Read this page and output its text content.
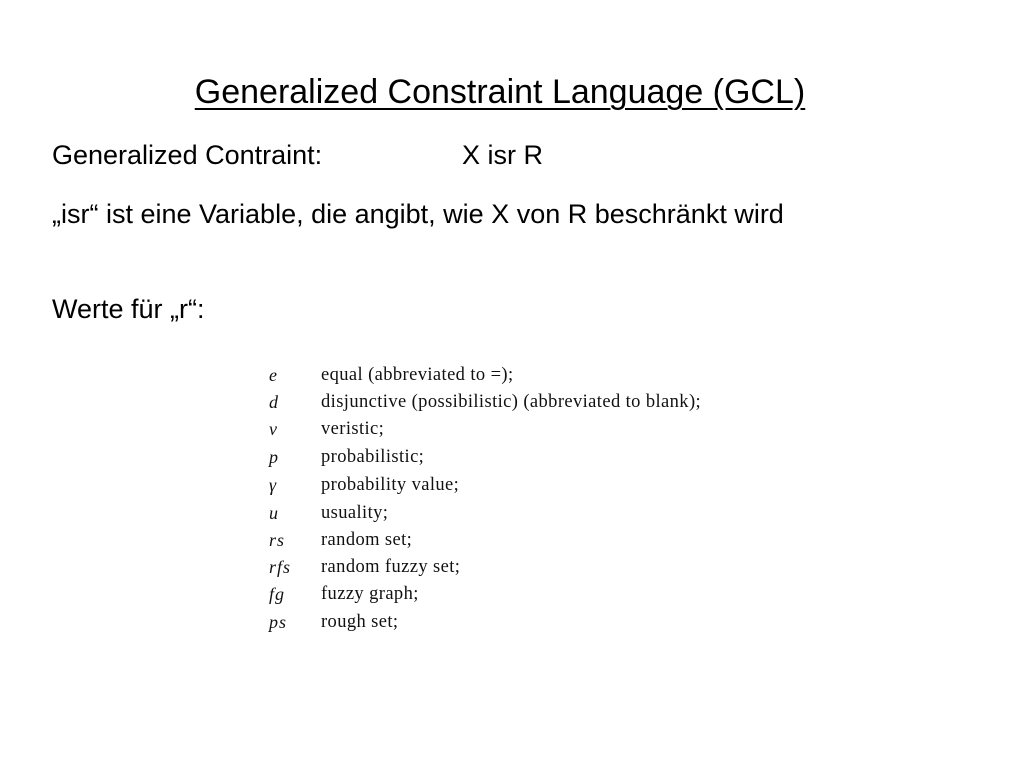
Generalized Constraint Language (GCL)
Generalized Contraint:	X isr R
„isr“ ist eine Variable, die angibt, wie X von R beschränkt wird
Werte für „r“:
e	equal (abbreviated to =);
d	disjunctive (possibilistic) (abbreviated to blank);
ν	veristic;
p	probabilistic;
γ	probability value;
u	usuality;
rs	random set;
rfs	random fuzzy set;
fg	fuzzy graph;
ps	rough set;
